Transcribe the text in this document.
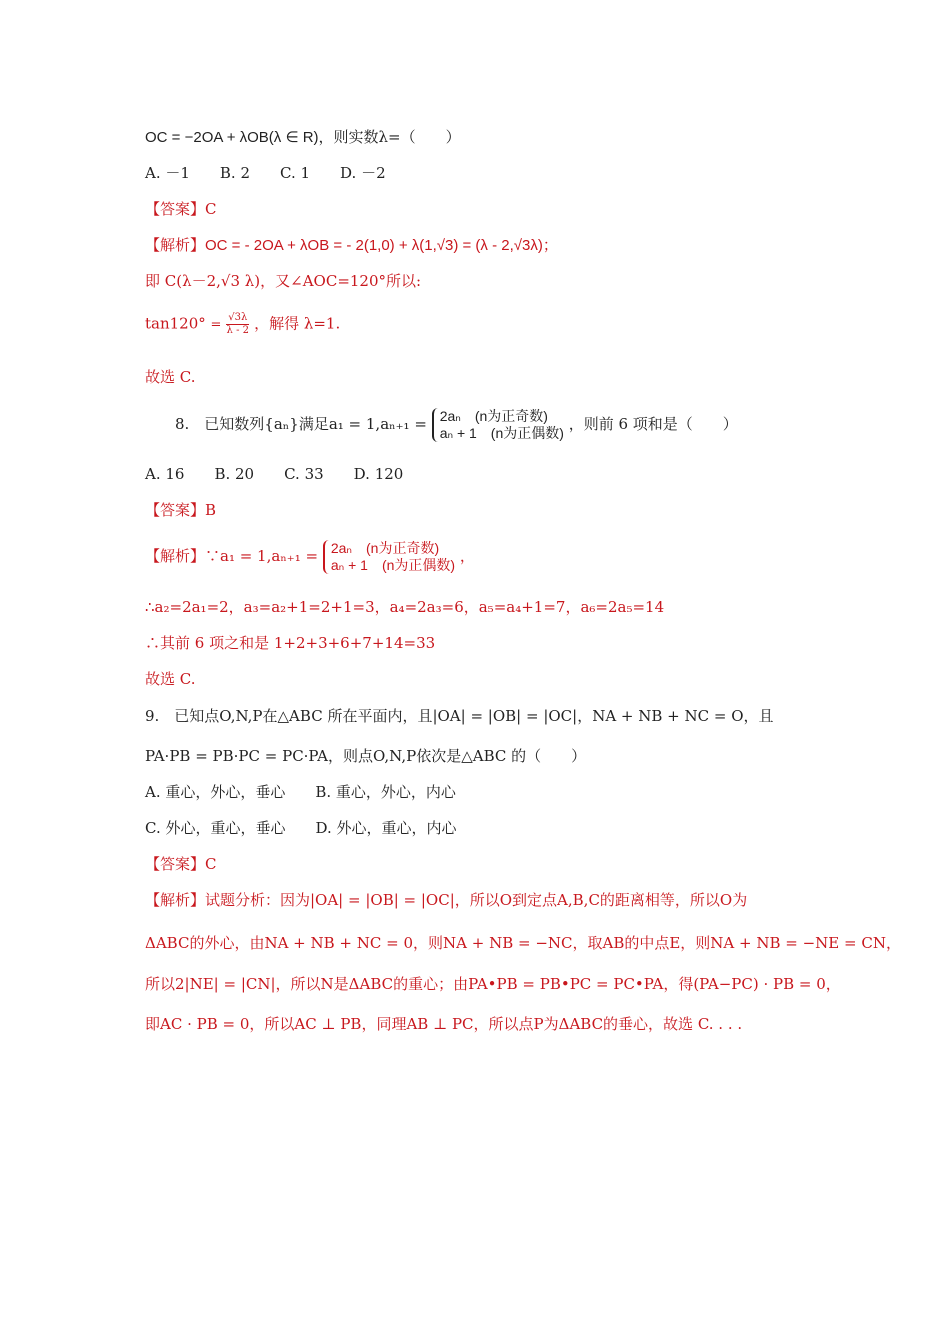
OC = −2OA + λOB(λ ∈ R)，则实数λ=（　　）
A. －1　　B. 2　　C. 1　　D. －2
【答案】C
【解析】OC = - 2OA + λOB = - 2(1,0) + λ(1,√3) = (λ - 2,√3λ)；
即 C(λ－2,√3 λ)，又∠AOC=120°所以:
$\tan 120^\circ = \frac{√3\lambda}{\lambda - 2}$ ，解得 λ=1.
故选 C.
8.　已知数列{aₙ}满足a₁ = 1,aₙ₊₁ = 2aₙ　(n为正奇数)
aₙ + 1　(n为正偶数) ，则前 6 项和是（　　）
A. 16　　B. 20　　C. 33　　D. 120
【答案】B
【解析】∵a₁ = 1,aₙ₊₁ = 2aₙ　(n为正奇数)
aₙ + 1　(n为正偶数) ，
∴a₂=2a₁=2，a₃=a₂+1=2+1=3，a₄=2a₃=6，a₅=a₄+1=7，a₆=2a₅=14
∴其前 6 项之和是 1+2+3+6+7+14=33
故选 C.
9.　已知点O,N,P在△ABC 所在平面内，且|OA| = |OB| = |OC|，NA + NB + NC = O，且
PA·PB = PB·PC = PC·PA，则点O,N,P依次是△ABC 的（　　）
A. 重心，外心，垂心　　B. 重心，外心，内心
C. 外心，重心，垂心　　D. 外心，重心，内心
【答案】C
【解析】试题分析：因为|OA| = |OB| = |OC|，所以O到定点A,B,C的距离相等，所以O为
ΔABC的外心，由NA + NB + NC = 0，则NA + NB = −NC，取AB的中点E，则NA + NB = −NE = CN，
所以2|NE| = |CN|，所以N是ΔABC的重心；由PA•PB = PB•PC = PC•PA，得(PA−PC) · PB = 0，
即AC · PB = 0，所以AC ⊥ PB，同理AB ⊥ PC，所以点P为ΔABC的垂心，故选 C. . . .
